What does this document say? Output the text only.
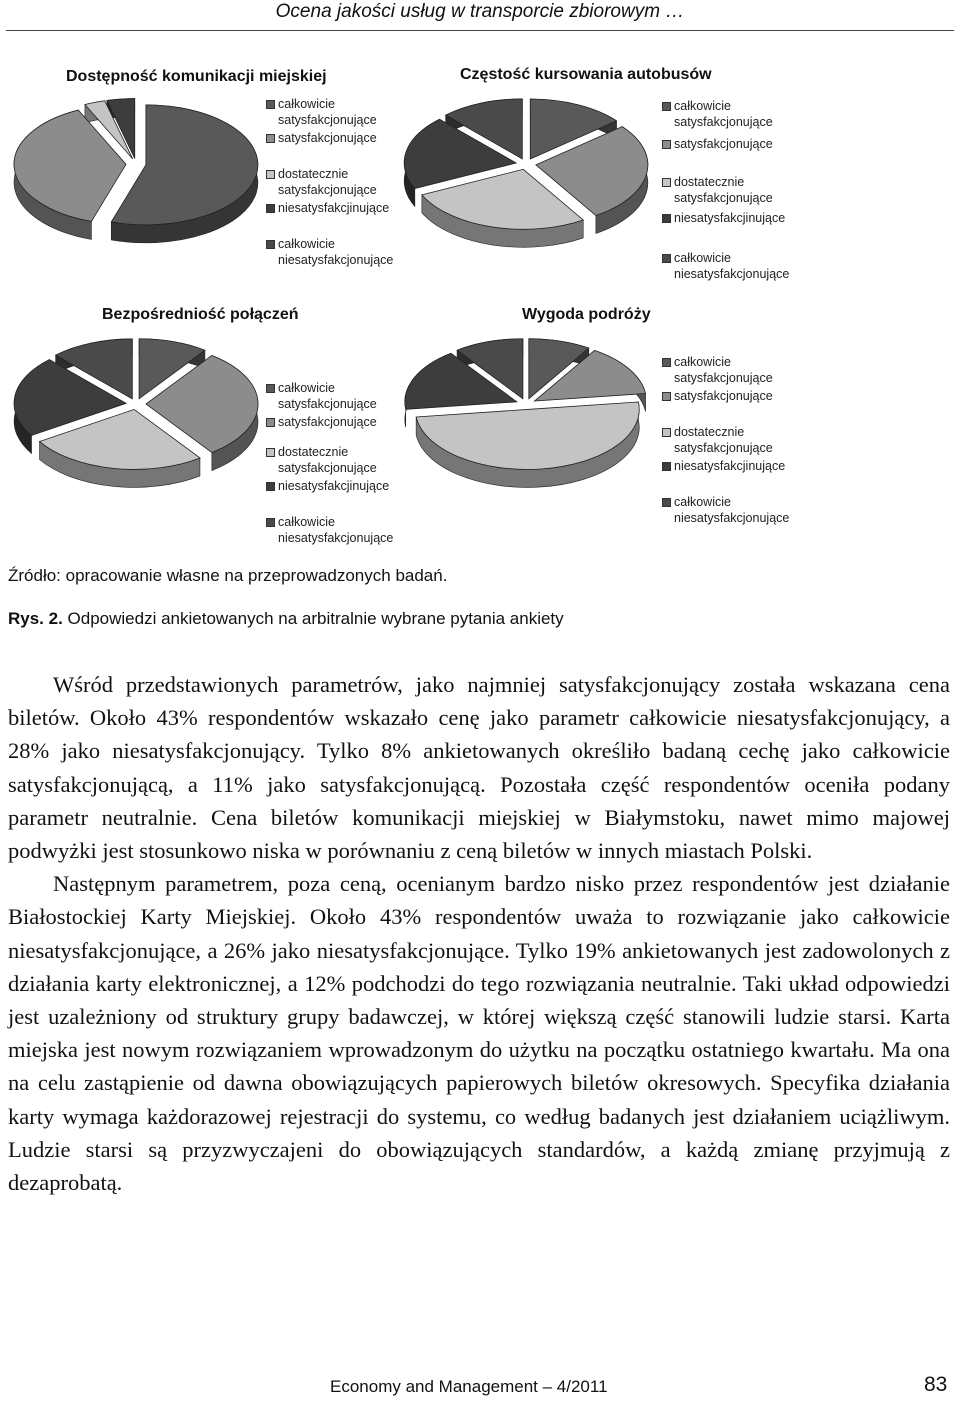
Ocena jakości usług w transporcie zbiorowym …
Dostępność komunikacji miejskiej
całkowicie satysfakcjonujące
satysfakcjonujące
dostatecznie satysfakcjonujące
niesatysfakcjinujące
całkowicie niesatysfakcjonujące
Częstość kursowania autobusów
całkowicie satysfakcjonujące
satysfakcjonujące
dostatecznie satysfakcjonujące
niesatysfakcjinujące
całkowicie niesatysfakcjonujące
Bezpośredniość połączeń
całkowicie satysfakcjonujące
satysfakcjonujące
dostatecznie satysfakcjonujące
niesatysfakcjinujące
całkowicie niesatysfakcjonujące
Wygoda podróży
całkowicie satysfakcjonujące
satysfakcjonujące
dostatecznie satysfakcjonujące
niesatysfakcjinujące
całkowicie niesatysfakcjonujące
Źródło: opracowanie własne na przeprowadzonych badań.
Rys. 2. Odpowiedzi ankietowanych na arbitralnie wybrane pytania ankiety

Wśród przedstawionych parametrów, jako najmniej satysfakcjonujący została wskazana cena biletów. Około 43% respondentów wskazało cenę jako parametr całkowicie niesatysfakcjonujący, a 28% jako niesatysfakcjonujący. Tylko 8% ankietowanych określiło badaną cechę jako całkowicie satysfakcjonującą, a 11% jako satysfakcjonującą. Pozostała część respondentów oceniła podany parametr neutralnie. Cena biletów komunikacji miejskiej w Białymstoku, nawet mimo majowej podwyżki jest stosunkowo niska w porównaniu z ceną biletów w innych miastach Polski.

Następnym parametrem, poza ceną, ocenianym bardzo nisko przez respondentów jest działanie Białostockiej Karty Miejskiej. Około 43% respondentów uważa to rozwiązanie jako całkowicie niesatysfakcjonujące, a 26% jako niesatysfakcjonujące. Tylko 19% ankietowanych jest zadowolonych z działania karty elektronicznej, a 12% podchodzi do tego rozwiązania neutralnie. Taki układ odpowiedzi jest uzależniony od struktury grupy badawczej, w której większą część stanowili ludzie starsi. Karta miejska jest nowym rozwiązaniem wprowadzonym do użytku na początku ostatniego kwartału. Ma ona na celu zastąpienie od dawna obowiązujących papierowych biletów okresowych. Specyfika działania karty wymaga każdorazowej rejestracji do systemu, co według badanych jest działaniem uciążliwym. Ludzie starsi są przyzwyczajeni do obowiązujących standardów, a każdą zmianę przyjmują z dezaprobatą.

Economy and Management – 4/2011	83
